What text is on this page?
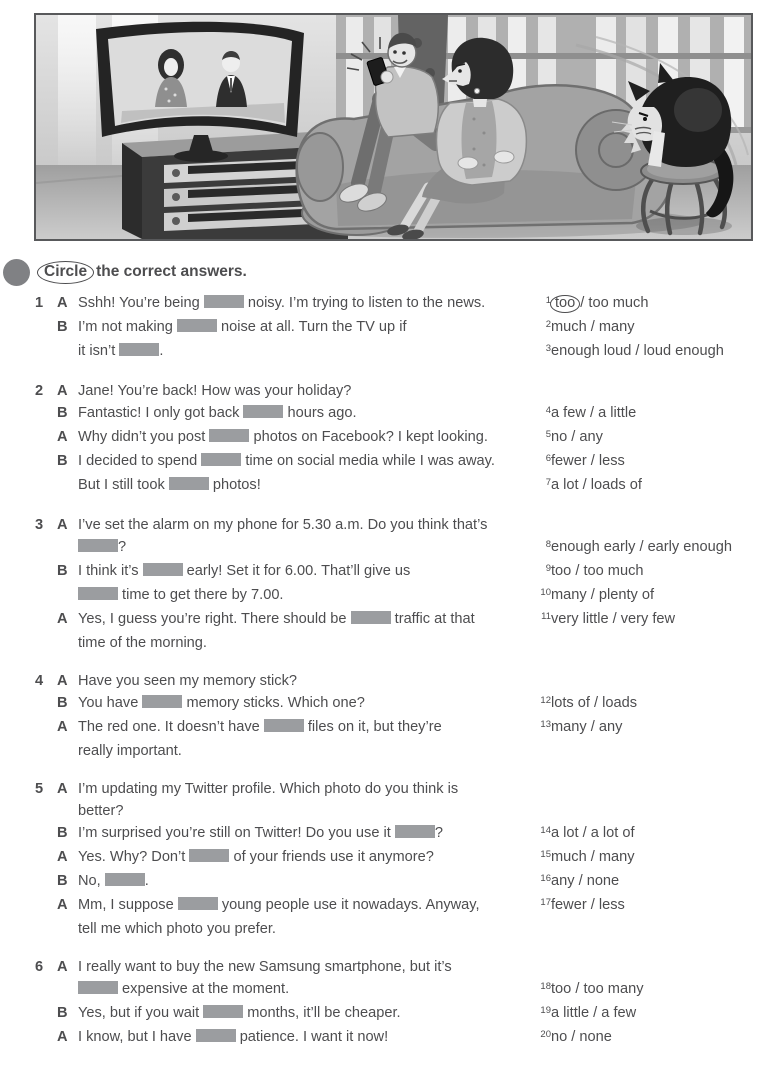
Circle the correct answers.
1 A Sshh! You’re being	noisy. I’m trying to listen to the news.	1 too / too much
B I’m not making	noise at all. Turn the TV up if	2much / many
it isn’t	.	3enough loud / loud enough
2 A Jane! You’re back! How was your holiday?
B Fantastic! I only got back	hours ago.	4a few / a little
A Why didn’t you post	photos on Facebook? I kept looking.	5no / any
B I decided to spend	time on social media while I was away.	6fewer / less
But I still took	photos!	7a lot / loads of
3 A I’ve set the alarm on my phone for 5.30 a.m. Do you think that’s
?	8enough early / early enough
B I think it’s	early! Set it for 6.00. That’ll give us	9too / too much
time to get there by 7.00.	10many / plenty of
A Yes, I guess you’re right. There should be	traffic at that	11very little / very few
time of the morning.
4 A Have you seen my memory stick?
B You have	memory sticks. Which one?	12lots of / loads
A The red one. It doesn’t have	files on it, but they’re	13many / any
really important.
5 A I’m updating my Twitter profile. Which photo do you think is
better?
B I’m surprised you’re still on Twitter! Do you use it	?	14a lot / a lot of
A Yes. Why? Don’t	of your friends use it anymore?	15much / many
B No,	.	16any / none
A Mm, I suppose	young people use it nowadays. Anyway,	17fewer / less
tell me which photo you prefer.
6 A I really want to buy the new Samsung smartphone, but it’s
expensive at the moment.	18too / too many
B Yes, but if you wait	months, it’ll be cheaper.	19a little / a few
A I know, but I have	patience. I want it now!	20no / none
